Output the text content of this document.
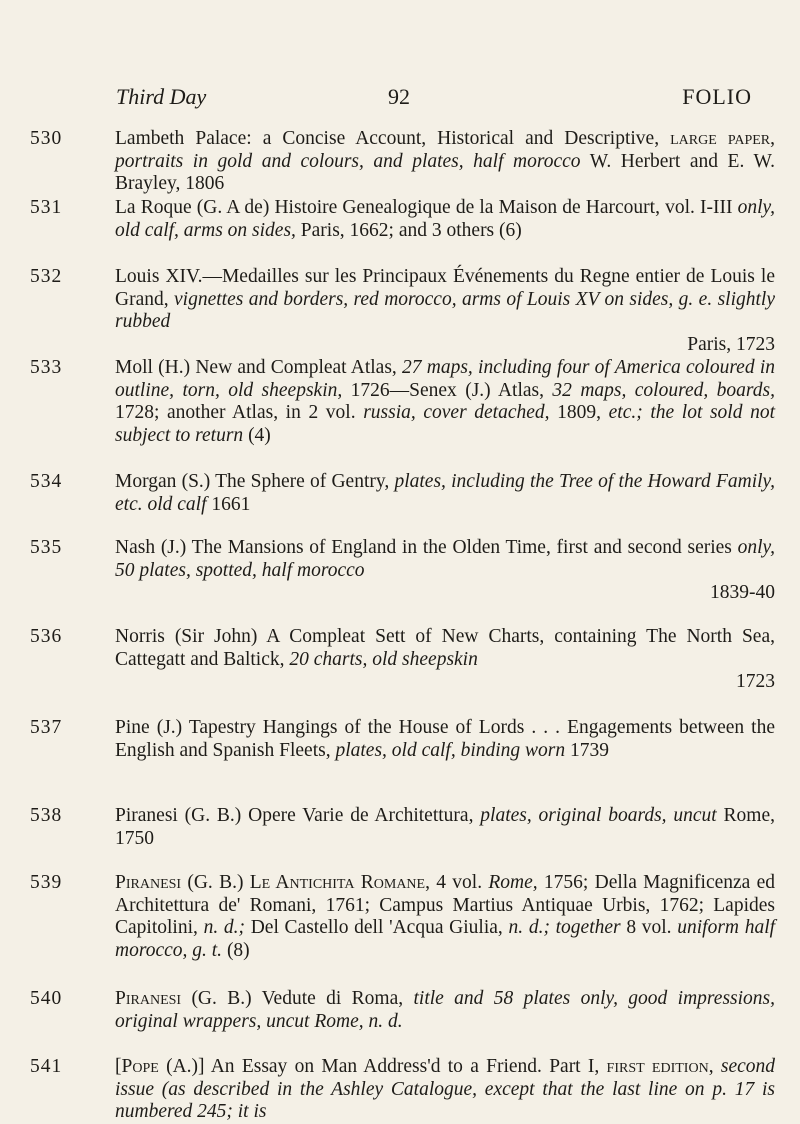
Third Day	92	FOLIO
530	Lambeth Palace: a Concise Account, Historical and Descriptive, large paper, portraits in gold and colours, and plates, half morocco W. Herbert and E. W. Brayley, 1806
531	La Roque (G. A de) Histoire Genealogique de la Maison de Harcourt, vol. I-III only, old calf, arms on sides, Paris, 1662; and 3 others (6)
532	Louis XIV.—Medailles sur les Principaux Événements du Regne entier de Louis le Grand, vignettes and borders, red morocco, arms of Louis XV on sides, g. e. slightly rubbed
Paris, 1723
533	Moll (H.) New and Compleat Atlas, 27 maps, including four of America coloured in outline, torn, old sheepskin, 1726—Senex (J.) Atlas, 32 maps, coloured, boards, 1728; another Atlas, in 2 vol. russia, cover detached, 1809, etc.; the lot sold not subject to return (4)
534	Morgan (S.) The Sphere of Gentry, plates, including the Tree of the Howard Family, etc. old calf 1661
535	Nash (J.) The Mansions of England in the Olden Time, first and second series only, 50 plates, spotted, half morocco
1839-40
536	Norris (Sir John) A Compleat Sett of New Charts, containing The North Sea, Cattegatt and Baltick, 20 charts, old sheepskin
1723
537	Pine (J.) Tapestry Hangings of the House of Lords . . . Engagements between the English and Spanish Fleets, plates, old calf, binding worn 1739
538	Piranesi (G. B.) Opere Varie de Architettura, plates, original boards, uncut Rome, 1750
539	Piranesi (G. B.) Le Antichita Romane, 4 vol. Rome, 1756; Della Magnificenza ed Architettura de' Romani, 1761; Campus Martius Antiquae Urbis, 1762; Lapides Capitolini, n. d.; Del Castello dell 'Acqua Giulia, n. d.; together 8 vol. uniform half morocco, g. t. (8)
540	Piranesi (G. B.) Vedute di Roma, title and 58 plates only, good impressions, original wrappers, uncut Rome, n. d.
541	[Pope (A.)] An Essay on Man Address'd to a Friend. Part I, first edition, second issue (as described in the Ashley Catalogue, except that the last line on p. 17 is numbered 245; it is
